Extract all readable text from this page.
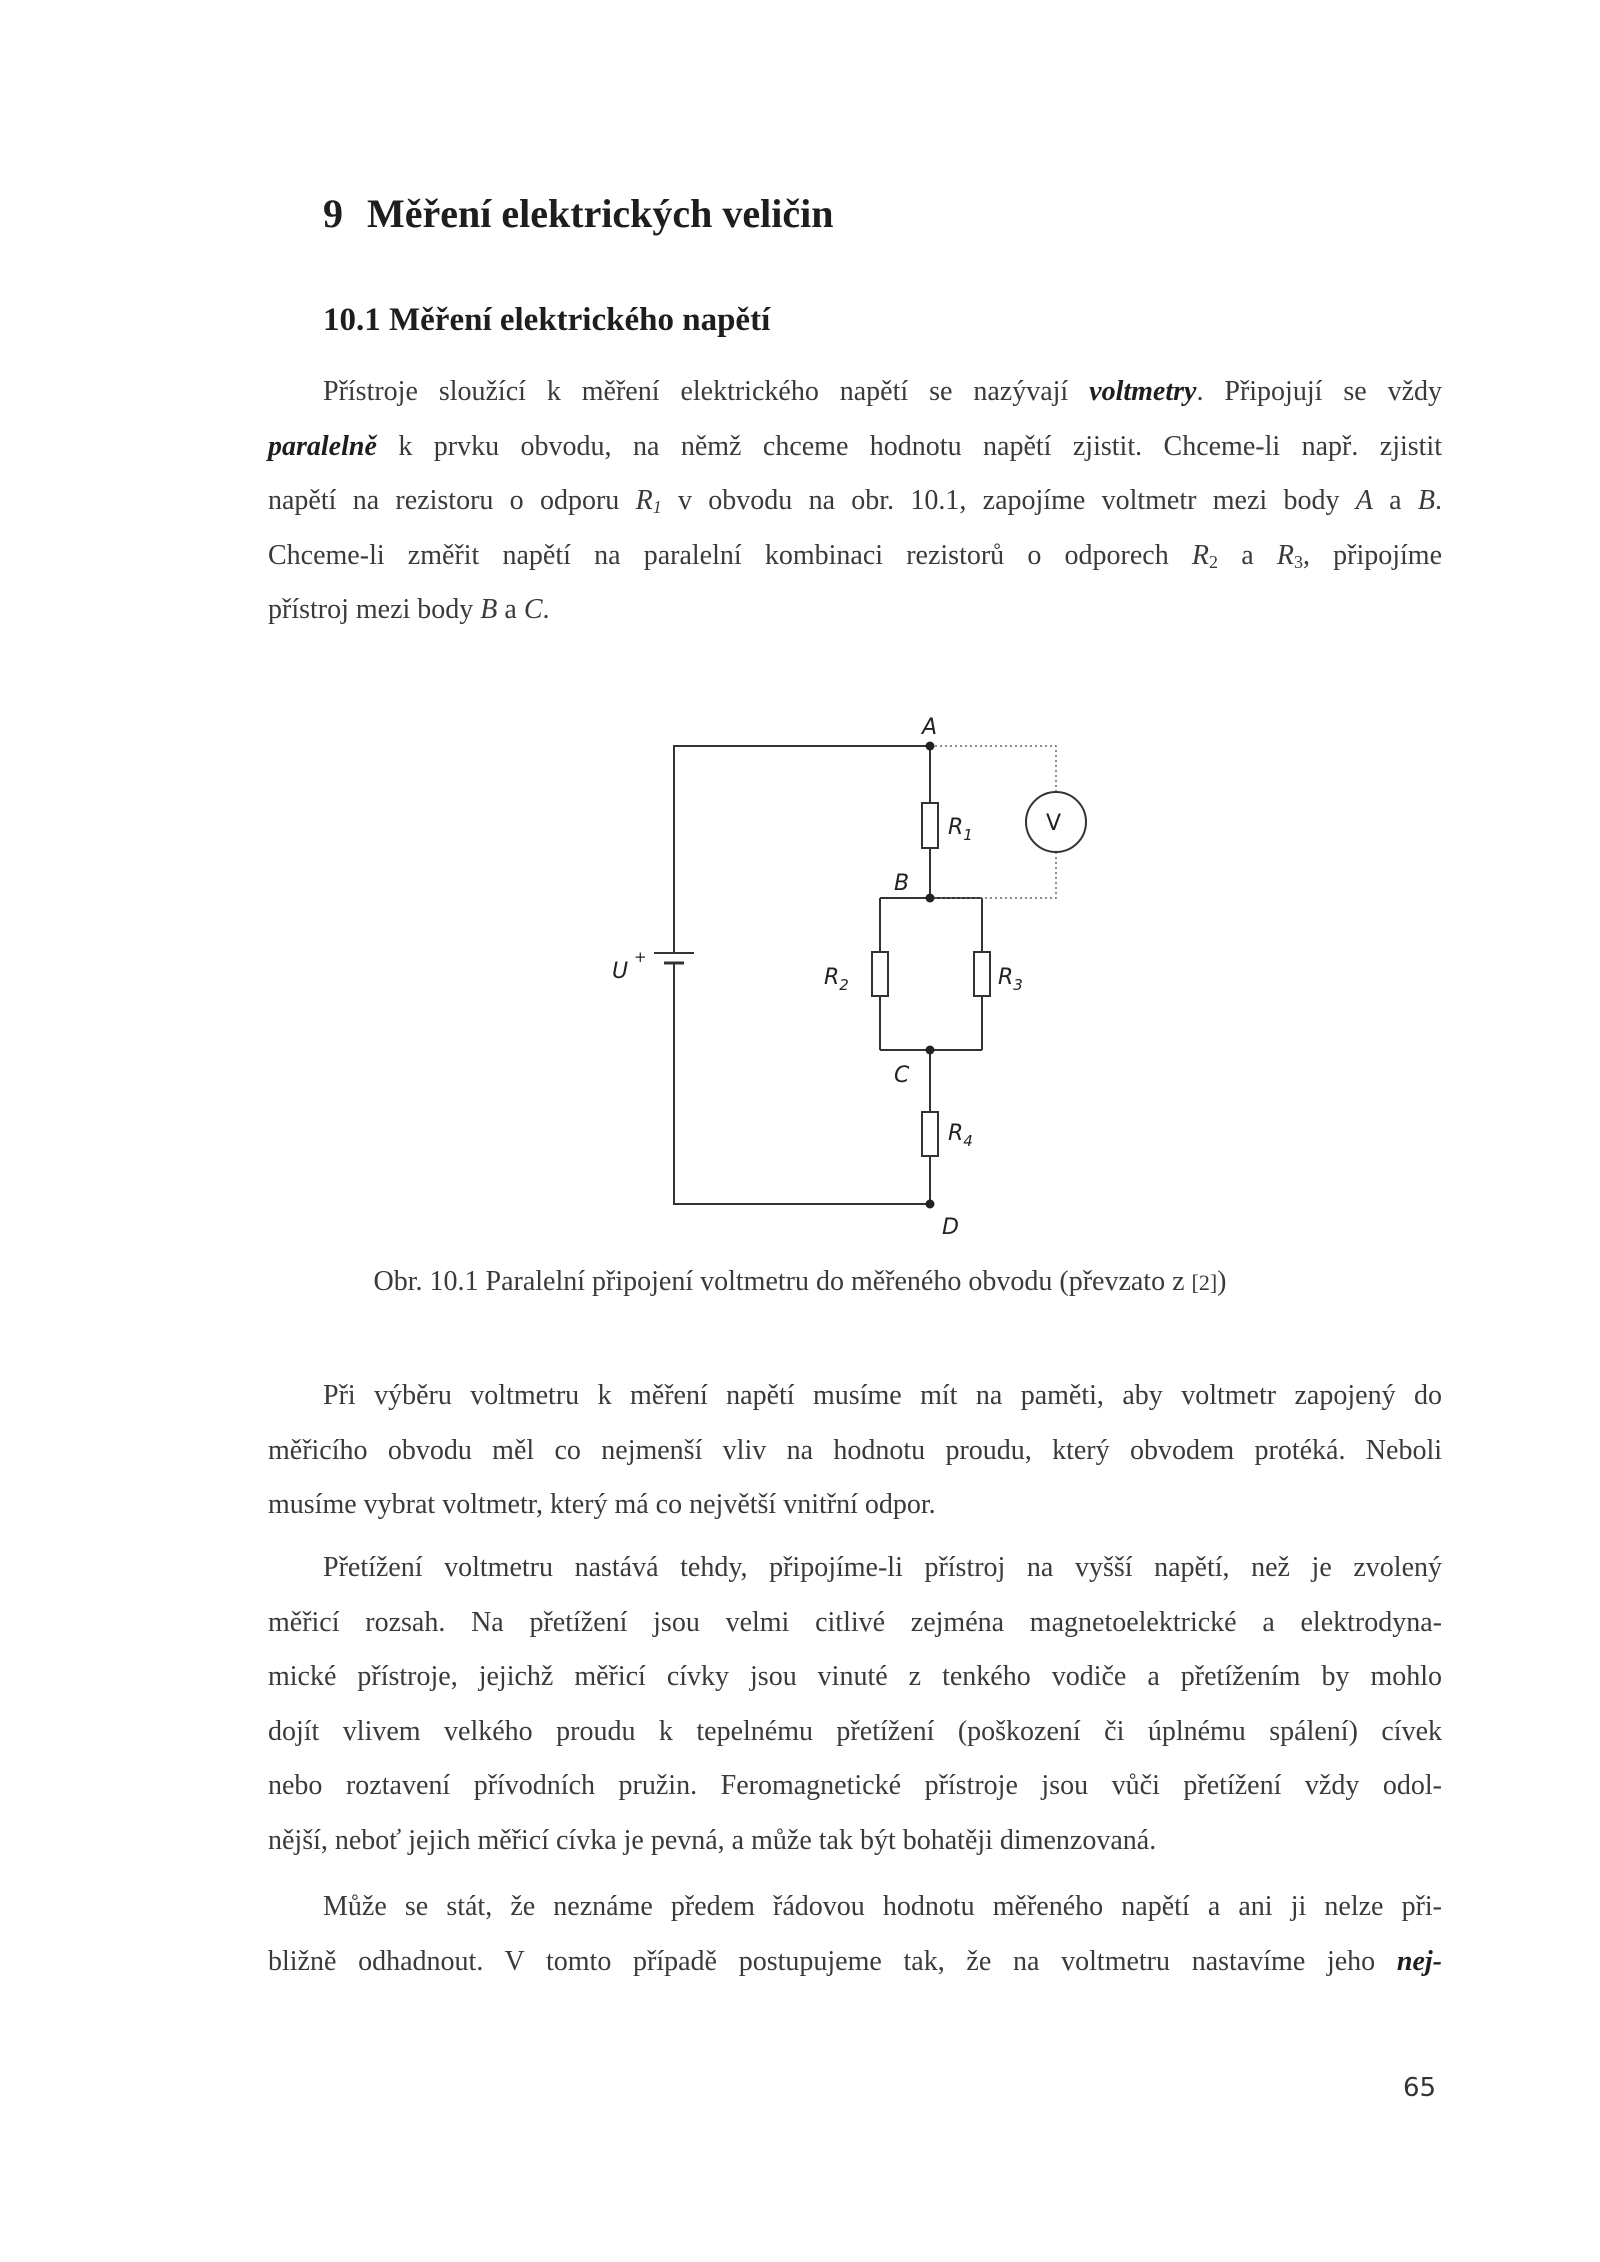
9 Měření elektrických veličin
10.1 Měření elektrického napětí
Přístroje sloužící k měření elektrického napětí se nazývají voltmetry. Připojují se vždy
paralelně k prvku obvodu, na němž chceme hodnotu napětí zjistit. Chceme-li např. zjistit
napětí na rezistoru o odporu $R_1$ v obvodu na obr. 10.1, zapojíme voltmetr mezi body A a B.
Chceme-li změřit napětí na paralelní kombinaci rezistorů o odporech $R_2$ a $R_3$, připojíme
přístroj mezi body B a C.
A
B
C
D
U
+
V
$R_1$
$R_2$	$R_3$
$R_4$
Obr. 10.1 Paralelní připojení voltmetru do měřeného obvodu (převzato z [2])
Při výběru voltmetru k měření napětí musíme mít na paměti, aby voltmetr zapojený do
měřicího obvodu měl co nejmenší vliv na hodnotu proudu, který obvodem protéká. Neboli
musíme vybrat voltmetr, který má co největší vnitřní odpor.
Přetížení voltmetru nastává tehdy, připojíme-li přístroj na vyšší napětí, než je zvolený
měřicí rozsah. Na přetížení jsou velmi citlivé zejména magnetoelektrické a elektrodyna-
mické přístroje, jejichž měřicí cívky jsou vinuté z tenkého vodiče a přetížením by mohlo
dojít vlivem velkého proudu k tepelnému přetížení (poškození či úplnému spálení) cívek
nebo roztavení přívodních pružin. Feromagnetické přístroje jsou vůči přetížení vždy odol-
nější, neboť jejich měřicí cívka je pevná, a může tak být bohatěji dimenzovaná.
Může se stát, že neznáme předem řádovou hodnotu měřeného napětí a ani ji nelze při-
bližně odhadnout. V tomto případě postupujeme tak, že na voltmetru nastavíme jeho nej-
65
